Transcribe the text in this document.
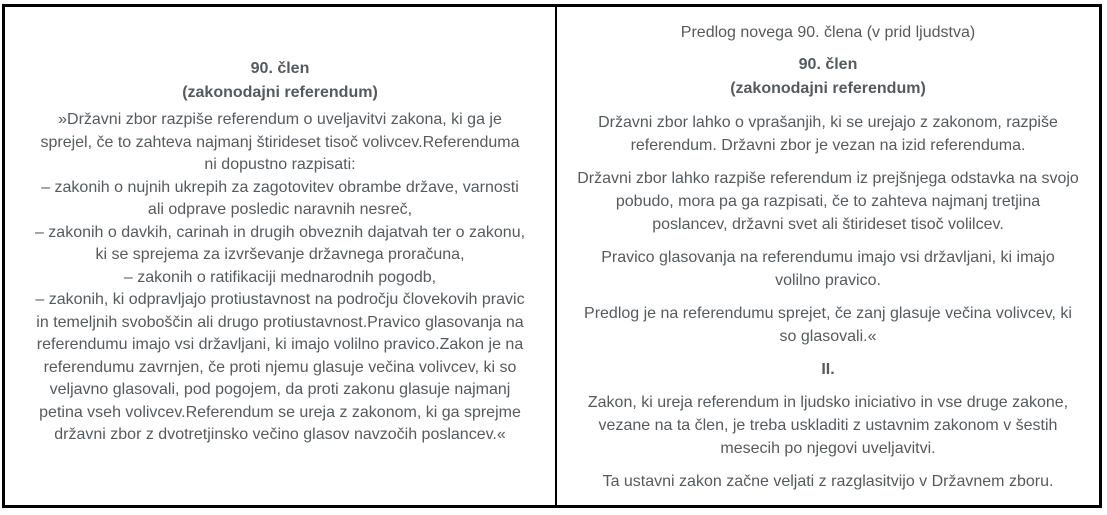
90. člen
(zakonodajni referendum)

»Državni zbor razpiše referendum o uveljavitvi zakona, ki ga je sprejel, če to zahteva najmanj štirideset tisoč volivcev.Referenduma ni dopustno razpisati:

– zakonih o nujnih ukrepih za zagotovitev obrambe države, varnosti ali odprave posledic naravnih nesreč,

– zakonih o davkih, carinah in drugih obveznih dajatvah ter o zakonu, ki se sprejema za izvrševanje državnega proračuna,

– zakonih o ratifikaciji mednarodnih pogodb,

– zakonih, ki odpravljajo protiustavnost na področju človekovih pravic in temeljnih svoboščin ali drugo protiustavnost.Pravico glasovanja na referendumu imajo vsi državljani, ki imajo volilno pravico.Zakon je na referendumu zavrnjen, če proti njemu glasuje večina volivcev, ki so veljavno glasovali, pod pogojem, da proti zakonu glasuje najmanj petina vseh volivcev.Referendum se ureja z zakonom, ki ga sprejme državni zbor z dvotretjinsko večino glasov navzočih poslancev.«

Predlog novega 90. člena (v prid ljudstva)

90. člen
(zakonodajni referendum)

Državni zbor lahko o vprašanjih, ki se urejajo z zakonom, razpiše referendum. Državni zbor je vezan na izid referenduma.

Državni zbor lahko razpiše referendum iz prejšnjega odstavka na svojo pobudo, mora pa ga razpisati, če to zahteva najmanj tretjina poslancev, državni svet ali štirideset tisoč volilcev.

Pravico glasovanja na referendumu imajo vsi državljani, ki imajo volilno pravico.

Predlog je na referendumu sprejet, če zanj glasuje večina volivcev, ki so glasovali.«

II.

Zakon, ki ureja referendum in ljudsko iniciativo in vse druge zakone, vezane na ta člen, je treba uskladiti z ustavnim zakonom v šestih mesecih po njegovi uveljavitvi.

Ta ustavni zakon začne veljati z razglasitvijo v Državnem zboru.
